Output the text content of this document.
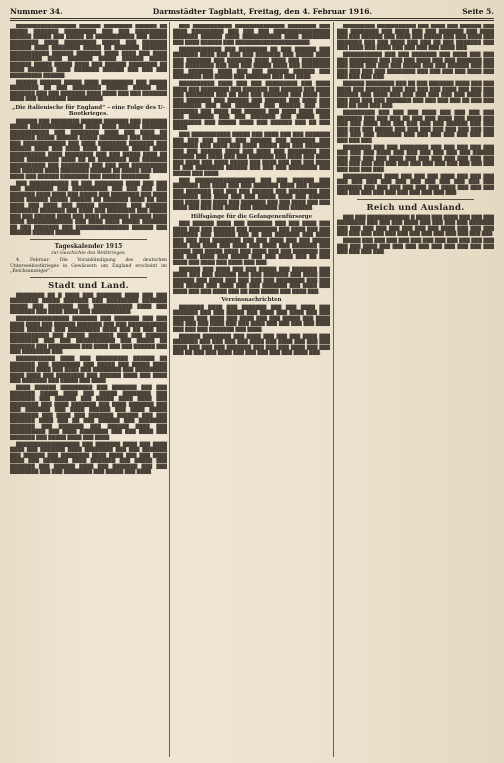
Nummer 34.	Darmstädter Tagblatt, Freitag, den 4. Februar 1916.	Seite 5.

█████████████████ ██████ ████████ ██████ ██ █████ ███████ █████████ ███ ███ █████████ ██████ █████ ███ █████ ██ ███████████ ███ █████ ████████ ████ █████████ █████ ███ ███████ ██████ ████ ████████ █████ ██ ███████ ███████ ███████████ ██████ ███████ ████ ████ ███ ████ █████████ ████ ███████ █████ ██████ █████ ██████ █████ █████ ████ ███ ██████ ████████ ██ ████ ███████ ████ ███████ ██████ ███ ███ ███ █████████ ██████.

██████ ██████ █████ ████ █████████ ███ █████ ████████ ██ ███ ████████ ██████ █████ ███ ███████ ███ ███ ███████ ████ ████ ███ ███ ███████ ████ ███ ████████ ██████████.

„Die italienische für England“ – eine Folge des U-Bootkrieges.

██████ ███ ████████ ██████ ███████ ███ ███████ █████ ███████████████ ████ ████ ██████ ███████ ███████████ ███ ████████ ████ ███ ████ ██ ███████ █████ ██████ █████ ████████ ███ ███████ ███ ████████████ ███ ████ ████████ ███████ ███ ██████ ████ ███ ████ ████ ████████ █████ ████ ██████████ ████ ████████ ███ ███ █████ ████ ██ ████ █████████ ████ ██ ██ ████████ ███ ███████ ██████████ ███ ████████ ███ ███ ███ ██████████ ███ ██████ ████ ████████ ██████ ██ █████ ███ ████ ████ ███ ██████ ████████ ███ █████ ████████.

███ ███████████ ██ ███ ████████ ████ ███ ███ ███ ████████ ███ ██████████ ███ ███ ███ ███ ███████ ████ ████ ███ █████ ███ ████████ ███ ████ ████ ██████ █████ ██████ ██ ███████ ████ ██ ███ ████ ███ ████ ███ █████ ████████ ███ ██████ ████████ ███████ ███ ████ ███ ████████ ███ █████ ███ ███ ██████ ████ ███ ████ ████████ ██████ ████ ████ █████████████ ███ ████ ████ █████ ███████ ██ ███ ███████ ███ ███████████████ ██████ ███ ██████ ██████ ███████.

Tageskalender 1915
zur Geschichte des Weltkrieges.

4. Februar: Die Vorankündigung des deutschen Unterseebootkrieges in Gewässern um England erscheint im „Reichsanzeiger“.

Stadt und Land.

████████ ██ █ ████ ███ ███████ ████ ███ ███ ████████ █████ ███████ ███ █████████ ███████ █████ ███ ███████ ███ ███████████ ████ ███ ███████ ███ ████ ████ ███ ███████████.

███████████████ ███████ ███ ███████ ███ ███ ████ ████ ███ ██████ ███████ ███ ███ ███████████ ████ ███████ ███ █████████ ████ ███ ██ ███ ███ ███████████ ███ █████ ███████ ███ ███ ██████ ████████ ███ ███ ███████████ ███ █████ ██ ███████ ███ █████████ ███ ████ ███ ███ ██████ ███ ███ ████████ ███.

███████████ ████ ███ █████████ ██████ ██ ███████ ███ ████████ ███ █████ ███ █████ ████ ███████ ████ ███ ████ ███ ████████ ███ █████████ ████ ████ ███ ████████ ███ ██████ ████ ███ ████ ███ ███████ ███ █████ ███ ████.

████ ██████ █████████ ███ ███████ ███ ███ ███████ █████ ████ ███ █████ ████████ ███ ███████ ███ ██████ ███ █████ ████ ████ ███ ████████ ███ ████ ███████ ███ ████ ███████ ███ ███ ███████ ███ ████ ██████ ███ ████ █████ ████████ ███ ████ ███ ███████ ██████ ███ ███ ███████ ████ ███ ██ ███ ██████ ███ ████████ ███████ ███ ███████ ███ ██████ ████ ███ ██████████ ███ ████ ████████ ███ ███ ████ ███ ███████ ███ █████ ████ ███ ████.

██████████████████ ███ ███████ ████ ███ ████ ████ ███ ███████ ████ ████████ ███ ███ ███████ ███ ██████ ███ ████████ ████ ████ ███ ███ ████ ████ ███ ███████ ████ ███████ ███ █████ ███ ███████ ███ ██████ ████ ███ ███████ ███ ███ ████████ ███ ███ ████████ ███ █████ ███ ████.

███ ███████████ ██████████████ ████████ ███ ████ █████████ ███ ███ ███ ████████████████ ███████ ██████ ████ ███████████ ████ ████████ ███ ████ ██████ ███ █████████████████████.

████████████ ███ ████████ ██ ███ ██████ ███ ███████ ████ ███ ███ ███ ███████ ███ █████ ████ ███ ███████ ███ ███████ ████ ████ ███ ████████ ███ ████████ ███ ███ ███ █████ ████ ███ ████████ ███ ███████ ████ ███ ███ ██████ ██████ ███ ████████ ███ █████ ███ ███████ ███ ███ ████.

██████████ ████ ███ ███ █████████ ███ ████ ████ ███ ████████ ███ ███████ ███ ██████ ███ ████ ███ ████████ ███ ██ ███ ███ ███████ ███ ████ ███ ███ ███████ ███ ██████ ███ ██████ ███ ████ ███ ████████ ███ ███ ███████ ███ ██████ ███ ███ ███████ ███ ████ ███ ██████ ███ ████ ████ ████ ███ ███████ ███ ███ ███████ ███ █████ ███ ████████ ███ █████ ████ ███ ██████ ███ ██ ███ ████.

███ ███████████ █████ ███ ████ ███ ███ ███████ ███ ███ ███ ████ ███ ██████ ███ ███████ ███ ███████ ███ ████ ███ ████ █████ ███ ███ ███████ ███ ███ ██████ ████ ███ ████ ███ ████████ ███ ██████ ███ ████ ███ ███ ███████ ███ ████ ███ ████ ███ ████ ███ ████ █████ ███ ████ ███ ███ ███ ████ ██ ███ ████████ ██████ ███ ███ ███ ████████ ███ █████ ███ ████.

███ █████████████████ ███ ███ ██████ ███ ███████ ███ ████ ███ ███ ███████ ████ ███ ██████ ███ ███████ ███ ███ ███ ██████ ███ ████████ ███ ███████ ███ ████ ███ ███ █████ ████ ███ ██████ ███ ████ ███ ████ ███ ███████ ███ ███ ████ ███ ███ ████ ███ ███ ███ ████ ███ ███████ ███ ██████.

Hilfsgänge für die Gefangenenfürsorge

███ ██████ ████ ███ ███████ ███ ███ ████ ███ ████ ███ ███ ██████ ███ ████████ ███ ████ ███ ███ ███████ ███ ██████ ███ ██ ███ ███████ ███ ████ ███ ███ ███ ████████ ███ ███ ████ ███ ███ █████ ████ ███ ████ ███ ████ ███ ████ ███ ███████ ███ █████ ███ █████ ████ ███ ████ ███ ███ ███████ ███ ███ ███ ████ ███ █████ ███ ███ ████ ███ ██ ███ ████ ███ ████ ███ ████ ███ ███.

██████ ███ ████ ███ ███ █████ ███ ███████ ███ ████ ███ ███ ██████ ███ ███ ███████ ███ ████ ███ ██████ ███ ████ ███ ███ ███ ███ ████████ ███ ███ ███ █████ ███ ████ ███ ███ ███████ ███ ████ ███ ████ ███ ███ ████ ███ ██ ███ █████ ███ ████ ███.

Vereinsnachrichten

███████ ████ ███ ███████ ███ ███ ████ ███ ███████ ███ ███ █████ ███ ████ ███ ████ ███ ███ ██████ ███ ████ ███ ████ ███ ███ █████ ███ ████ ███ ███ ███ ████ ███ ███ ████ ███ ███ ███ ███ ████ ███ ███ ███ ███████ ███ ████.

██████ ████████ ███ ████ ███ ███ ███ ████ ███ ███████ ███ ███ ███ ███ ████ ███ ████ ███ ███ ███ ████ ███ ███ ███ ███████ ███ ███ ███ ████ ███ ███ ███ ██ ███ ███ ████ ███ ███ ███ ███ ███ ████ ███.

█████████ ███████████ ███ ████ ███ ██████ ███ ███ ████████ ███ ████ ███ ███ ███████ ███ ████ ███ ███ ██████ ███ ████ ███ █████ ███ ███ ████ ███ ███████ ███ ███ ████ ███ ███ ██ ███ ███████ ███ ███ ████ ███ ████ ███ ███ ███ ███ ████ ███.

███████████ ███ ███ ███████ ███ ████ ███ ███ ███ ████████ ███ ███ ███ ████ ███ ███ ███████ ███ ███ ████ ███ ███ ███ █████ ███ ███ ██████ ███ ███ ███ ███ ███ ███ ████████ ███ ███ ███ ███ ████ ███ ███ ███ ███ ███.

██████ ████████ ███ ██ ███ ███████ ████ ███ ███ ████ ███ ███████ ███ ███ ███ ███ ████ ███ ███ ███ ██████ ███ ████ ███ ███ ███ ███ ███ ███ ████ ███ ███ ███ ███ ███ ███████ ███ ███ ███ ███ ██ ███ ███ ███ ██ ███ ███ ███.

█████████ ███ ███ ███ ████ ███ ███ ███ ███ ███████ ███ ███ ███ ██ ███ ███ ████ ███ ████ ███ ███ ███ ████ ███ ███ ███ ███ ███ ██████ ███ ███ ███ ███ ███ █████ ███ ███ ███ ███ ███ ███ ███ ███ ███ ███ ███ ███████ ███ ███ ███ ███ ███ ███ ███ ███ ███ ███.

████████ ███ ███ ████████ ███ ███ ███ ███ ███ ███ ███ ███ ████ ███ ███ ███ ███ ███ ███ ██████ ███ ███ ███ ███ ████ ███ ███ ███ ███ ███ ███ ███ ███ ███ ███ ███ ███ ███ ███ ███ ███ ███ ███ ███ ███ ███ ███ ███ ███.

███████████ ████ ███ ███ ███ ████ ███ ███ ███ ███ ███ ███ ███ ███ ███ ███ ███ ███ ███ ███ ███████ ███ ███ ███ ███ ███ ███ ████ ███ ███ ███ ███ ███ ███ ███ ███ ███ ███ ███ ███ ███.

Reich und Ausland.

███ ███ ████████████ █ ████ ███ ████ ███ ███ ███ ████████ ███ ███ ███ ████ ███ ███ ███ ███ ███████ ███ ███ ███ ███ ███ ███ ███ ███ ████ ███ ███ ███ ███ ███ ███ ███ ███ ███ ███ ███ ███ ███ ███ ███ ███.

█████ ███ ███ ███ ███ ███ ███ ███ ███ ███ ███ ███ ███ ███ ████ ███ ███ ███ ███ ███ ███ ███ ███ ███ ███ ███ ███ ███.
